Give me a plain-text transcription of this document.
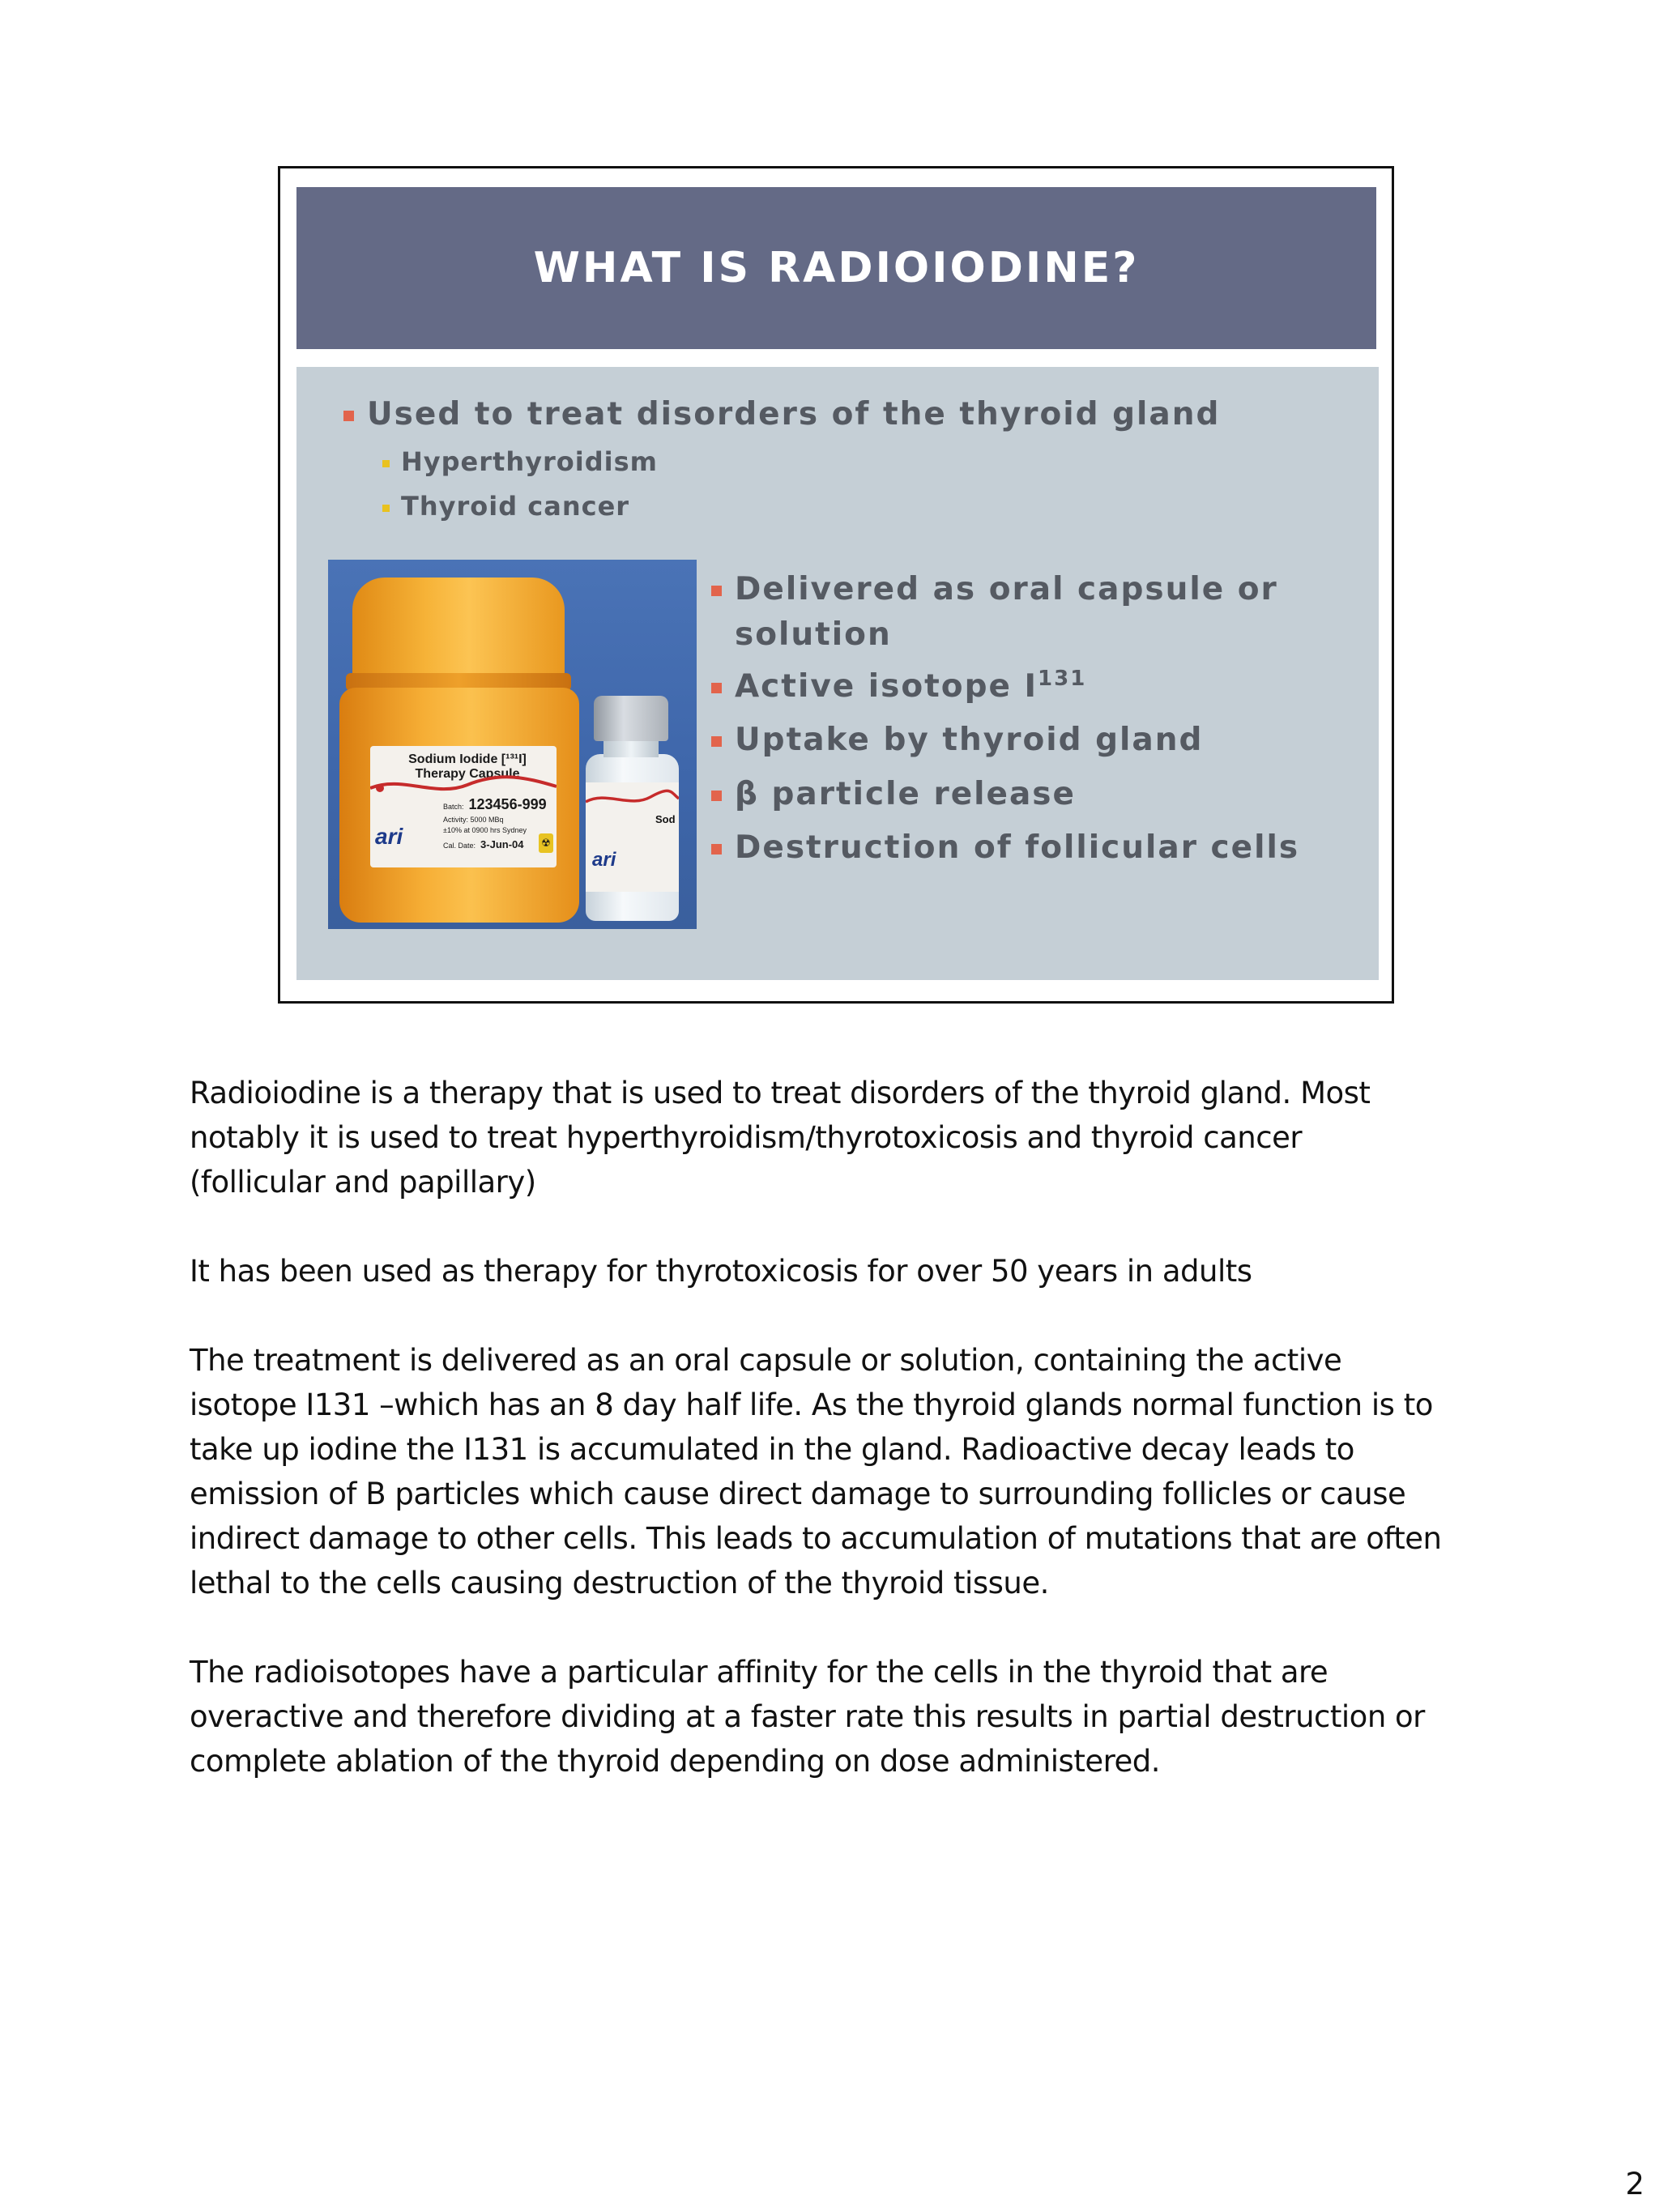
WHAT IS RADIOIODINE?
Used to treat disorders of the thyroid gland
Hyperthyroidism
Thyroid cancer
Sodium Iodide [¹³¹I]
Therapy Capsule
Batch: 123456-999
Activity: 5000 MBq
±10% at 0900 hrs Sydney
Cal. Date: 3-Jun-04
ari	☢
Sod
ari
Delivered as oral capsule or
solution
Active isotope $I^{131}$
Uptake by thyroid gland
β particle release
Destruction of follicular cells

Radioiodine is a therapy that is used to treat disorders of the thyroid gland. Most
notably it is used to treat hyperthyroidism/thyrotoxicosis and thyroid cancer
(follicular and papillary)

It has been used as therapy for thyrotoxicosis for over 50 years in adults

The treatment is delivered as an oral capsule or solution, containing the active
isotope I131 –which has an 8 day half life. As the thyroid glands normal function is to
take up iodine the I131 is accumulated in the gland. Radioactive decay leads to
emission of B particles which cause direct damage to surrounding follicles or cause
indirect damage to other cells. This leads to accumulation of mutations that are often
lethal to the cells causing destruction of the thyroid tissue.

The radioisotopes have a particular affinity for the cells in the thyroid that are
overactive and therefore dividing at a faster rate this results in partial destruction or
complete ablation of the thyroid depending on dose administered.

2
